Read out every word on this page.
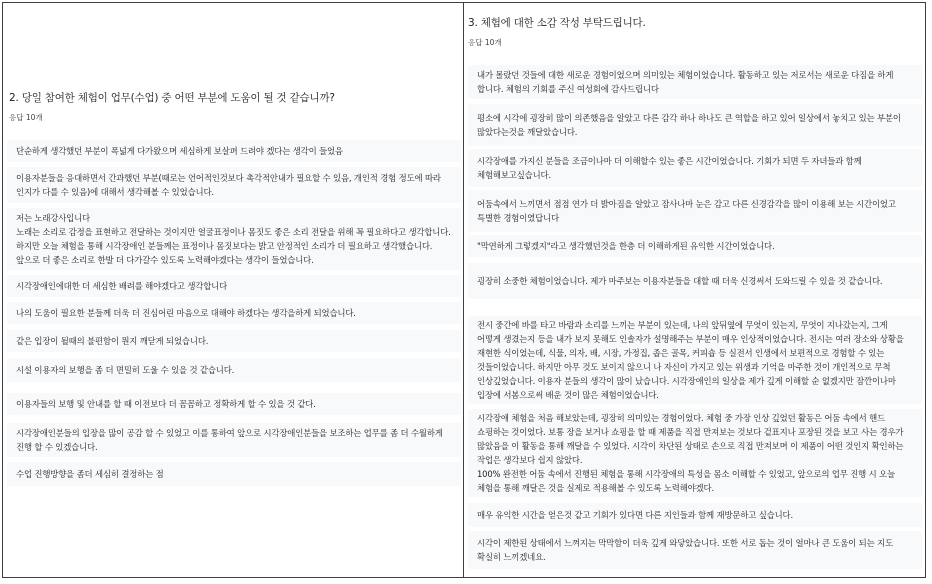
2. 당일 참여한 체험이 업무(수업) 중 어떤 부분에 도움이 될 것 같습니까?
응답 10개
단순하게 생각했던 부분이 폭넓게 다가왔으며 세심하게 보살펴 드려야 겠다는 생각이 들었음
이용자분들을 응대하면서 간과했던 부분(때로는 언어적인것보다 촉각적안내가 필요할 수 있음, 개인적 경험 정도에 따라 인지가 다를 수 있음)에 대해서 생각해볼 수 있었습니다.
저는 노래강사입니다
노래는 소리로 감정을 표현하고 전달하는 것이지만 얼굴표정이나 몸짓도 좋은 소리 전달을 위해 꼭 필요하다고 생각합니다. 하지만 오늘 체험을 통해 시각장애인 분들께는 표정이나 몸짓보다는 밝고 안정적인 소리가 더 필요하고 생각했습니다. 앞으로 더 좋은 소리로 한발 더 다가갈수 있도록 노력해야겠다는 생각이 들었습니다.
시각장애인에대한 더 세심한 배려를 해야겠다고 생각합니다
나의 도움이 필요한 분들께 더욱 더 진심어린 마음으로 대해야 하겠다는 생각을하게 되었습니다.
같은 입장이 될때의 불편함이 뭔지 깨닫게 되었습니다.
시설 이용자의 보행을 좀 더 면밀히 도울 수 있을 것 같습니다.
이용자들의 보행 및 안내를 할 때 이전보다 더 꼼꼼하고 정확하게 할 수 있을 것 같다.
시각장애인분들의 입장을 많이 공감 할 수 있었고 이를 통하여 앞으로 시각장애인분들을 보조하는 업무를 좀 더 수월하게 진행 할 수 있겠습니다.
수업 진행방향을 좀더 세심히 결정하는 점
3. 체험에 대한 소감 작성 부탁드립니다.
응답 10개
내가 몰랐던 것들에 대한 새로운 경험이었으며 의미있는 체험이었습니다. 활동하고 있는 저로서는 새로운 다짐을 하게 합니다. 체험의 기회를 주신 여성회에 감사드립니다
평소에 시각에 굉장히 많이 의존했음을 알았고 다른 감각 하나 하나도 큰 역할을 하고 있어 일상에서 놓치고 있는 부분이 많았다는것을 깨달았습니다.
시각장애를 가지신 분들을 조금이나마 더 이해할수 있는 좋은 시간이었습니다. 기회가 되면 두 자녀들과 함께 체험해보고싶습니다.
어둠속에서 느끼면서 점점 연가 더 밝아짐을 알았고 잠사나마 눈은 감고 다른 신경감각을 많이 이용해 보는 시간이었고 특별한 경험이였답니다
"막연하게 그렇겠지"라고 생각했던것을 한층 더 이해하게된 유익한 시간이었습니다.
굉장히 소중한 체험이었습니다. 제가 마주보는 이용자분들을 대할 때 더욱 신경써서 도와드릴 수 있을 것 같습니다.
전시 중간에 바를 타고 바람과 소리를 느끼는 부분이 있는데, 나의 앞뒤옆에 무엇이 있는지, 무엇이 지나갔는지, 그게 어떻게 생겼는지 등을 내가 보지 못해도 인솔자가 설명해주는 부분이 매우 인상적이었습니다. 전시는 여러 장소와 상황을 재현한 식이었는데, 식물, 의자, 배, 시장, 가정집, 좁은 골목, 커피숍 등 실전서 인생에서 보편적으로 경험할 수 있는 것들이었습니다. 하지만 아무 것도 보이지 않으니 나 자신이 가지고 있는 위생과 기억을 마주한 것이 개인적으로 무척 인상깊었습니다. 이용자 분들의 생각이 많이 났습니다. 시각장애인의 일상을 제가 깊게 이해할 순 없겠지만 잠깐이나마 입장에 서봄으로써 배운 것이 많은 체험이었습니다.
시각장애 체험을 처음 해보았는데, 굉장히 의미있는 경험이었다. 체험 중 가장 인상 깊었던 활동은 어둠 속에서 핸드 쇼핑하는 것이었다. 보통 장을 보거나 쇼핑을 할 때 제품을 직접 만져보는 것보다 겉표지나 포장된 것을 보고 사는 경우가 많았음을 이 활동을 통해 깨달을 수 있었다. 시각이 차단된 상태로 손으로 직접 만져보며 이 제품이 어떤 것인지 확인하는 작업은 생각보다 쉽지 않았다.
100% 완전한 어둠 속에서 진행된 체험을 통해 시각장애의 특성을 몸소 이해할 수 있었고, 앞으로의 업무 진행 시 오늘 체험을 통해 깨달은 것을 실제로 적용해볼 수 있도록 노력해야겠다.
매우 유익한 시간을 얻은것 같고 기회가 있다면 다른 지인들과 함께 재방문하고 싶습니다.
시각이 제한된 상태에서 느껴지는 막막함이 더욱 깊게 와닿았습니다. 또한 서로 돕는 것이 얼마나 큰 도움이 되는 지도 확실히 느끼겠네요.
